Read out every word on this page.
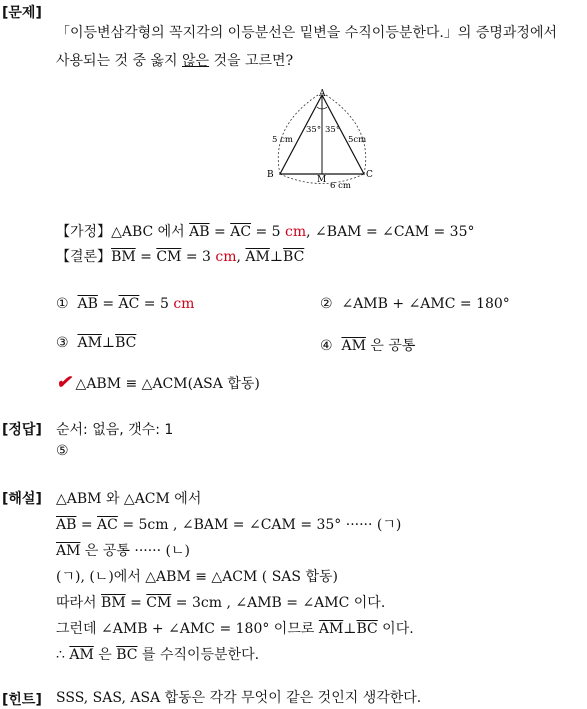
[문제]
「이등변삼각형의 꼭지각의 이등분선은 밑변을 수직이등분한다.」의 증명과정에서
사용되는 것 중 옳지 않은 것을 고르면?
A
B	C
M
5 cm	5cm
6 cm
35° 35°
【가정】△ABC 에서 $\overline{AB} = \overline{AC} = 5$ cm, ∠BAM = ∠CAM = 35°
【결론】$\overline{BM} = \overline{CM} = 3$ cm, $\overline{AM}\perp\overline{BC}$
① $\overline{AB} = \overline{AC} = 5$ cm	② ∠AMB + ∠AMC = 180°
③ $\overline{AM}\perp\overline{BC}$	④ $\overline{AM}$ 은 공통
✔ △ABM ≡ △ACM(ASA 합동)
[정답] 순서: 없음, 갯수: 1
⑤
[해설] △ABM 와 △ACM 에서
$\overline{AB} = \overline{AC} = 5cm$ , ∠BAM = ∠CAM = 35° ······ (ㄱ)
$\overline{AM}$ 은 공통 ······ (ㄴ)
(ㄱ), (ㄴ)에서 △ABM ≡ △ACM ( SAS 합동)
따라서 $\overline{BM} = \overline{CM} = 3cm$ , ∠AMB = ∠AMC 이다.
그런데 ∠AMB + ∠AMC = 180° 이므로 $\overline{AM}\perp\overline{BC}$ 이다.
∴ $\overline{AM}$ 은 $\overline{BC}$ 를 수직이등분한다.
[힌트] SSS, SAS, ASA 합동은 각각 무엇이 같은 것인지 생각한다.
